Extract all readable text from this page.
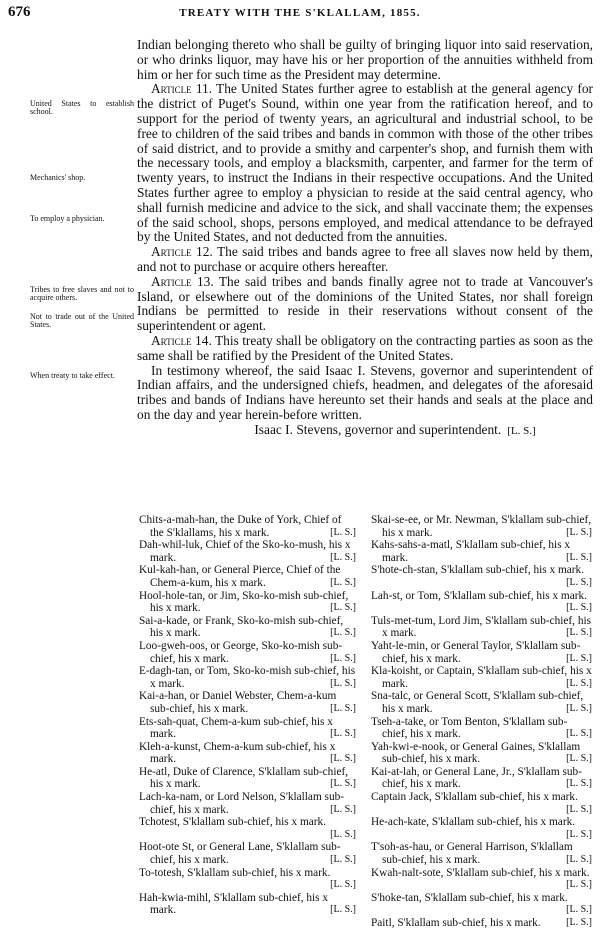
676	TREATY WITH THE S'KLALLAM, 1855.
United States to establish school.
Mechanics' shop.
To employ a physician.
Tribes to free slaves and not to acquire others.
Not to trade out of the United States.
When treaty to take effect.

Indian belonging thereto who shall be guilty of bringing liquor into said reservation, or who drinks liquor, may have his or her proportion of the annuities withheld from him or her for such time as the President may determine.

Article 11. The United States further agree to establish at the general agency for the district of Puget's Sound, within one year from the ratification hereof, and to support for the period of twenty years, an agricultural and industrial school, to be free to children of the said tribes and bands in common with those of the other tribes of said district, and to provide a smithy and carpenter's shop, and furnish them with the necessary tools, and employ a blacksmith, carpenter, and farmer for the term of twenty years, to instruct the Indians in their respective occupations. And the United States further agree to employ a physician to reside at the said central agency, who shall furnish medicine and advice to the sick, and shall vaccinate them; the expenses of the said school, shops, persons employed, and medical attendance to be defrayed by the United States, and not deducted from the annuities.

Article 12. The said tribes and bands agree to free all slaves now held by them, and not to purchase or acquire others hereafter.

Article 13. The said tribes and bands finally agree not to trade at Vancouver's Island, or elsewhere out of the dominions of the United States, nor shall foreign Indians be permitted to reside in their reservations without consent of the superintendent or agent.

Article 14. This treaty shall be obligatory on the contracting parties as soon as the same shall be ratified by the President of the United States.

In testimony whereof, the said Isaac I. Stevens, governor and superintendent of Indian affairs, and the undersigned chiefs, headmen, and delegates of the aforesaid tribes and bands of Indians have hereunto set their hands and seals at the place and on the day and year herein-before written.

Isaac I. Stevens, governor and superintendent. [L. S.]

Chits-a-mah-han, the Duke of York, Chief of the S'klallams, his x mark.	[L. S.]
Dah-whil-luk, Chief of the Sko-ko-mush, his x mark.	[L. S.]
Kul-kah-han, or General Pierce, Chief of the Chem-a-kum, his x mark.	[L. S.]
Hool-hole-tan, or Jim, Sko-ko-mish sub-chief, his x mark.	[L. S.]
Sai-a-kade, or Frank, Sko-ko-mish sub-chief, his x mark.	[L. S.]
Loo-gweh-oos, or George, Sko-ko-mish sub-chief, his x mark.	[L. S.]
E-dagh-tan, or Tom, Sko-ko-mish sub-chief, his x mark.	[L. S.]
Kai-a-han, or Daniel Webster, Chem-a-kum sub-chief, his x mark.	[L. S.]
Ets-sah-quat, Chem-a-kum sub-chief, his x mark.	[L. S.]
Kleh-a-kunst, Chem-a-kum sub-chief, his x mark.	[L. S.]
He-atl, Duke of Clarence, S'klallam sub-chief, his x mark.	[L. S.]
Lach-ka-nam, or Lord Nelson, S'klallam sub-chief, his x mark.	[L. S.]
Tchotest, S'klallam sub-chief, his x mark.
[L. S.]
Hoot-ote St, or General Lane, S'klallam sub-chief, his x mark.	[L. S.]
To-totesh, S'klallam sub-chief, his x mark.
[L. S.]
Hah-kwia-mihl, S'klallam sub-chief, his x mark.	[L. S.]
Skai-se-ee, or Mr. Newman, S'klallam sub-chief, his x mark.	[L. S.]
Kahs-sahs-a-matl, S'klallam sub-chief, his x mark.	[L. S.]
S'hote-ch-stan, S'klallam sub-chief, his x mark.
[L. S.]
Lah-st, or Tom, S'klallam sub-chief, his x mark.
[L. S.]
Tuls-met-tum, Lord Jim, S'klallam sub-chief, his x mark.	[L. S.]
Yaht-le-min, or General Taylor, S'klallam sub-chief, his x mark.	[L. S.]
Kla-koisht, or Captain, S'klallam sub-chief, his x mark.	[L. S.]
Sna-talc, or General Scott, S'klallam sub-chief, his x mark.	[L. S.]
Tseh-a-take, or Tom Benton, S'klallam sub-chief, his x mark.	[L. S.]
Yah-kwi-e-nook, or General Gaines, S'klallam sub-chief, his x mark.	[L. S.]
Kai-at-lah, or General Lane, Jr., S'klallam sub-chief, his x mark.	[L. S.]
Captain Jack, S'klallam sub-chief, his x mark.
[L. S.]
He-ach-kate, S'klallam sub-chief, his x mark.
[L. S.]
T'soh-as-hau, or General Harrison, S'klallam sub-chief, his x mark.	[L. S.]
Kwah-nalt-sote, S'klallam sub-chief, his x mark.
[L. S.]
S'hoke-tan, S'klallam sub-chief, his x mark.
[L. S.]
Paitl, S'klallam sub-chief, his x mark.	[L. S.]
